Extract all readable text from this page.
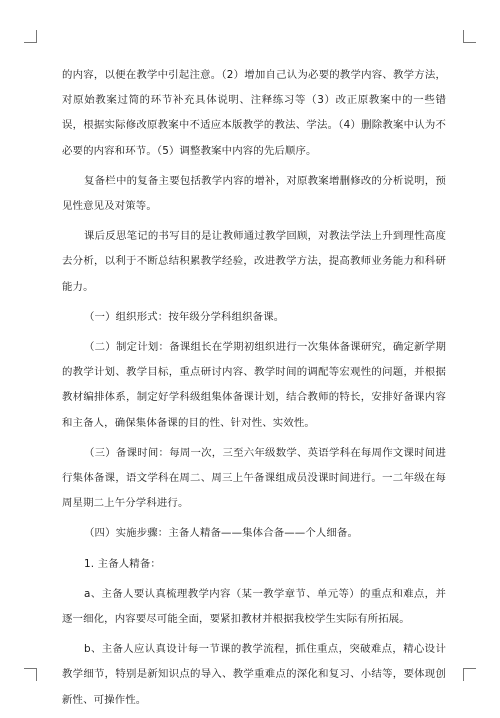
的内容，以便在教学中引起注意。（2）增加自己认为必要的教学内容、教学方法，对原始教案过简的环节补充具体说明、注释练习等（3）改正原教案中的一些错误，根据实际修改原教案中不适应本版教学的教法、学法。（4）删除教案中认为不必要的内容和环节。（5）调整教案中内容的先后顺序。

复备栏中的复备主要包括教学内容的增补，对原教案增删修改的分析说明，预见性意见及对策等。

课后反思笔记的书写目的是让教师通过教学回顾，对教法学法上升到理性高度去分析，以利于不断总结积累教学经验，改进教学方法，提高教师业务能力和科研能力。

（一）组织形式：按年级分学科组织备课。

（二）制定计划：备课组长在学期初组织进行一次集体备课研究，确定新学期的教学计划、教学目标，重点研讨内容、教学时间的调配等宏观性的问题，并根据教材编排体系，制定好学科级组集体备课计划，结合教师的特长，安排好备课内容和主备人，确保集体备课的目的性、针对性、实效性。

（三）备课时间：每周一次，三至六年级数学、英语学科在每周作文课时间进行集体备课，语文学科在周二、周三上午备课组成员没课时间进行。一二年级在每周星期二上午分学科进行。

（四）实施步骤：主备人精备——集体合备——个人细备。

1. 主备人精备：

a、主备人要认真梳理教学内容（某一教学章节、单元等）的重点和难点，并逐一细化，内容要尽可能全面，要紧扣教材并根据我校学生实际有所拓展。

b、主备人应认真设计每一节课的教学流程，抓住重点，突破难点，精心设计教学细节，特别是新知识点的导入、教学重难点的深化和复习、小结等，要体现创新性、可操作性。
